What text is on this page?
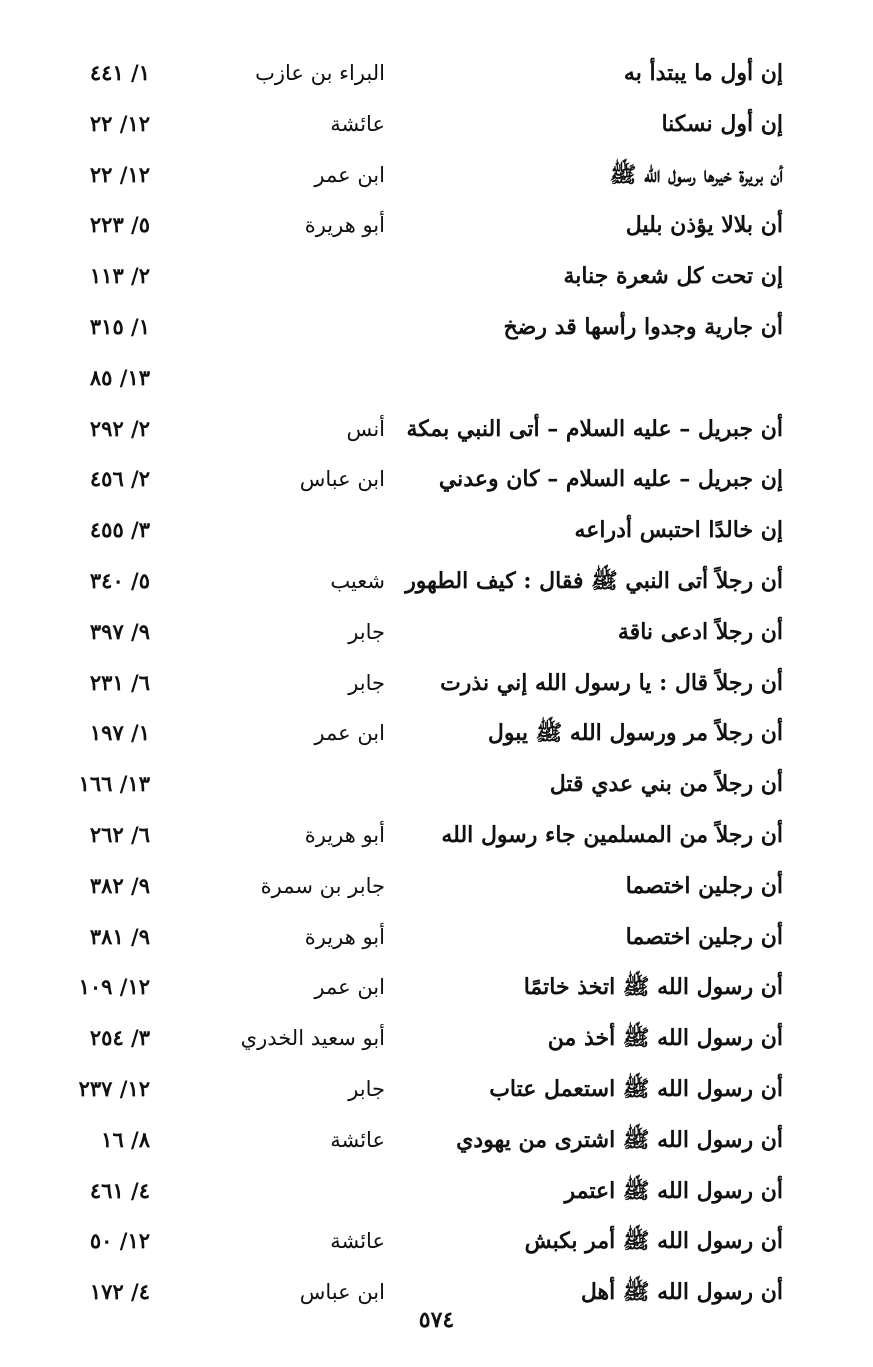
إن أول ما يبتدأ به
البراء بن عازب
١/ ٤٤١
إن أول نسكنا
عائشة
١٢/ ٢٢
أن بريرة خيرها رسول الله ﷺ
ابن عمر
١٢/ ٢٢
أن بلالا يؤذن بليل
أبو هريرة
٥/ ٢٢٣
إن تحت كل شعرة جنابة
٢/ ١١٣
أن جارية وجدوا رأسها قد رضخ
١/ ٣١٥
١٣/ ٨٥
أن جبريل – عليه السلام – أتى النبي بمكة
أنس
٢/ ٢٩٢
إن جبريل – عليه السلام – كان وعدني
ابن عباس
٢/ ٤٥٦
إن خالدًا احتبس أدراعه
٣/ ٤٥٥
أن رجلاً أتى النبي ﷺ فقال : كيف الطهور
شعيب
٥/ ٣٤٠
أن رجلاً ادعى ناقة
جابر
٩/ ٣٩٧
أن رجلاً قال : يا رسول الله إني نذرت
جابر
٦/ ٢٣١
أن رجلاً مر ورسول الله ﷺ يبول
ابن عمر
١/ ١٩٧
أن رجلاً من بني عدي قتل
١٣/ ١٦٦
أن رجلاً من المسلمين جاء رسول الله
أبو هريرة
٦/ ٢٦٢
أن رجلين اختصما
جابر بن سمرة
٩/ ٣٨٢
أن رجلين اختصما
أبو هريرة
٩/ ٣٨١
أن رسول الله ﷺ اتخذ خاتمًا
ابن عمر
١٢/ ١٠٩
أن رسول الله ﷺ أخذ من
أبو سعيد الخدري
٣/ ٢٥٤
أن رسول الله ﷺ استعمل عتاب
جابر
١٢/ ٢٣٧
أن رسول الله ﷺ اشترى من يهودي
عائشة
٨/ ١٦
أن رسول الله ﷺ اعتمر
٤/ ٤٦١
أن رسول الله ﷺ أمر بكبش
عائشة
١٢/ ٥٠
أن رسول الله ﷺ أهل
ابن عباس
٤/ ١٧٢
٥٧٤
